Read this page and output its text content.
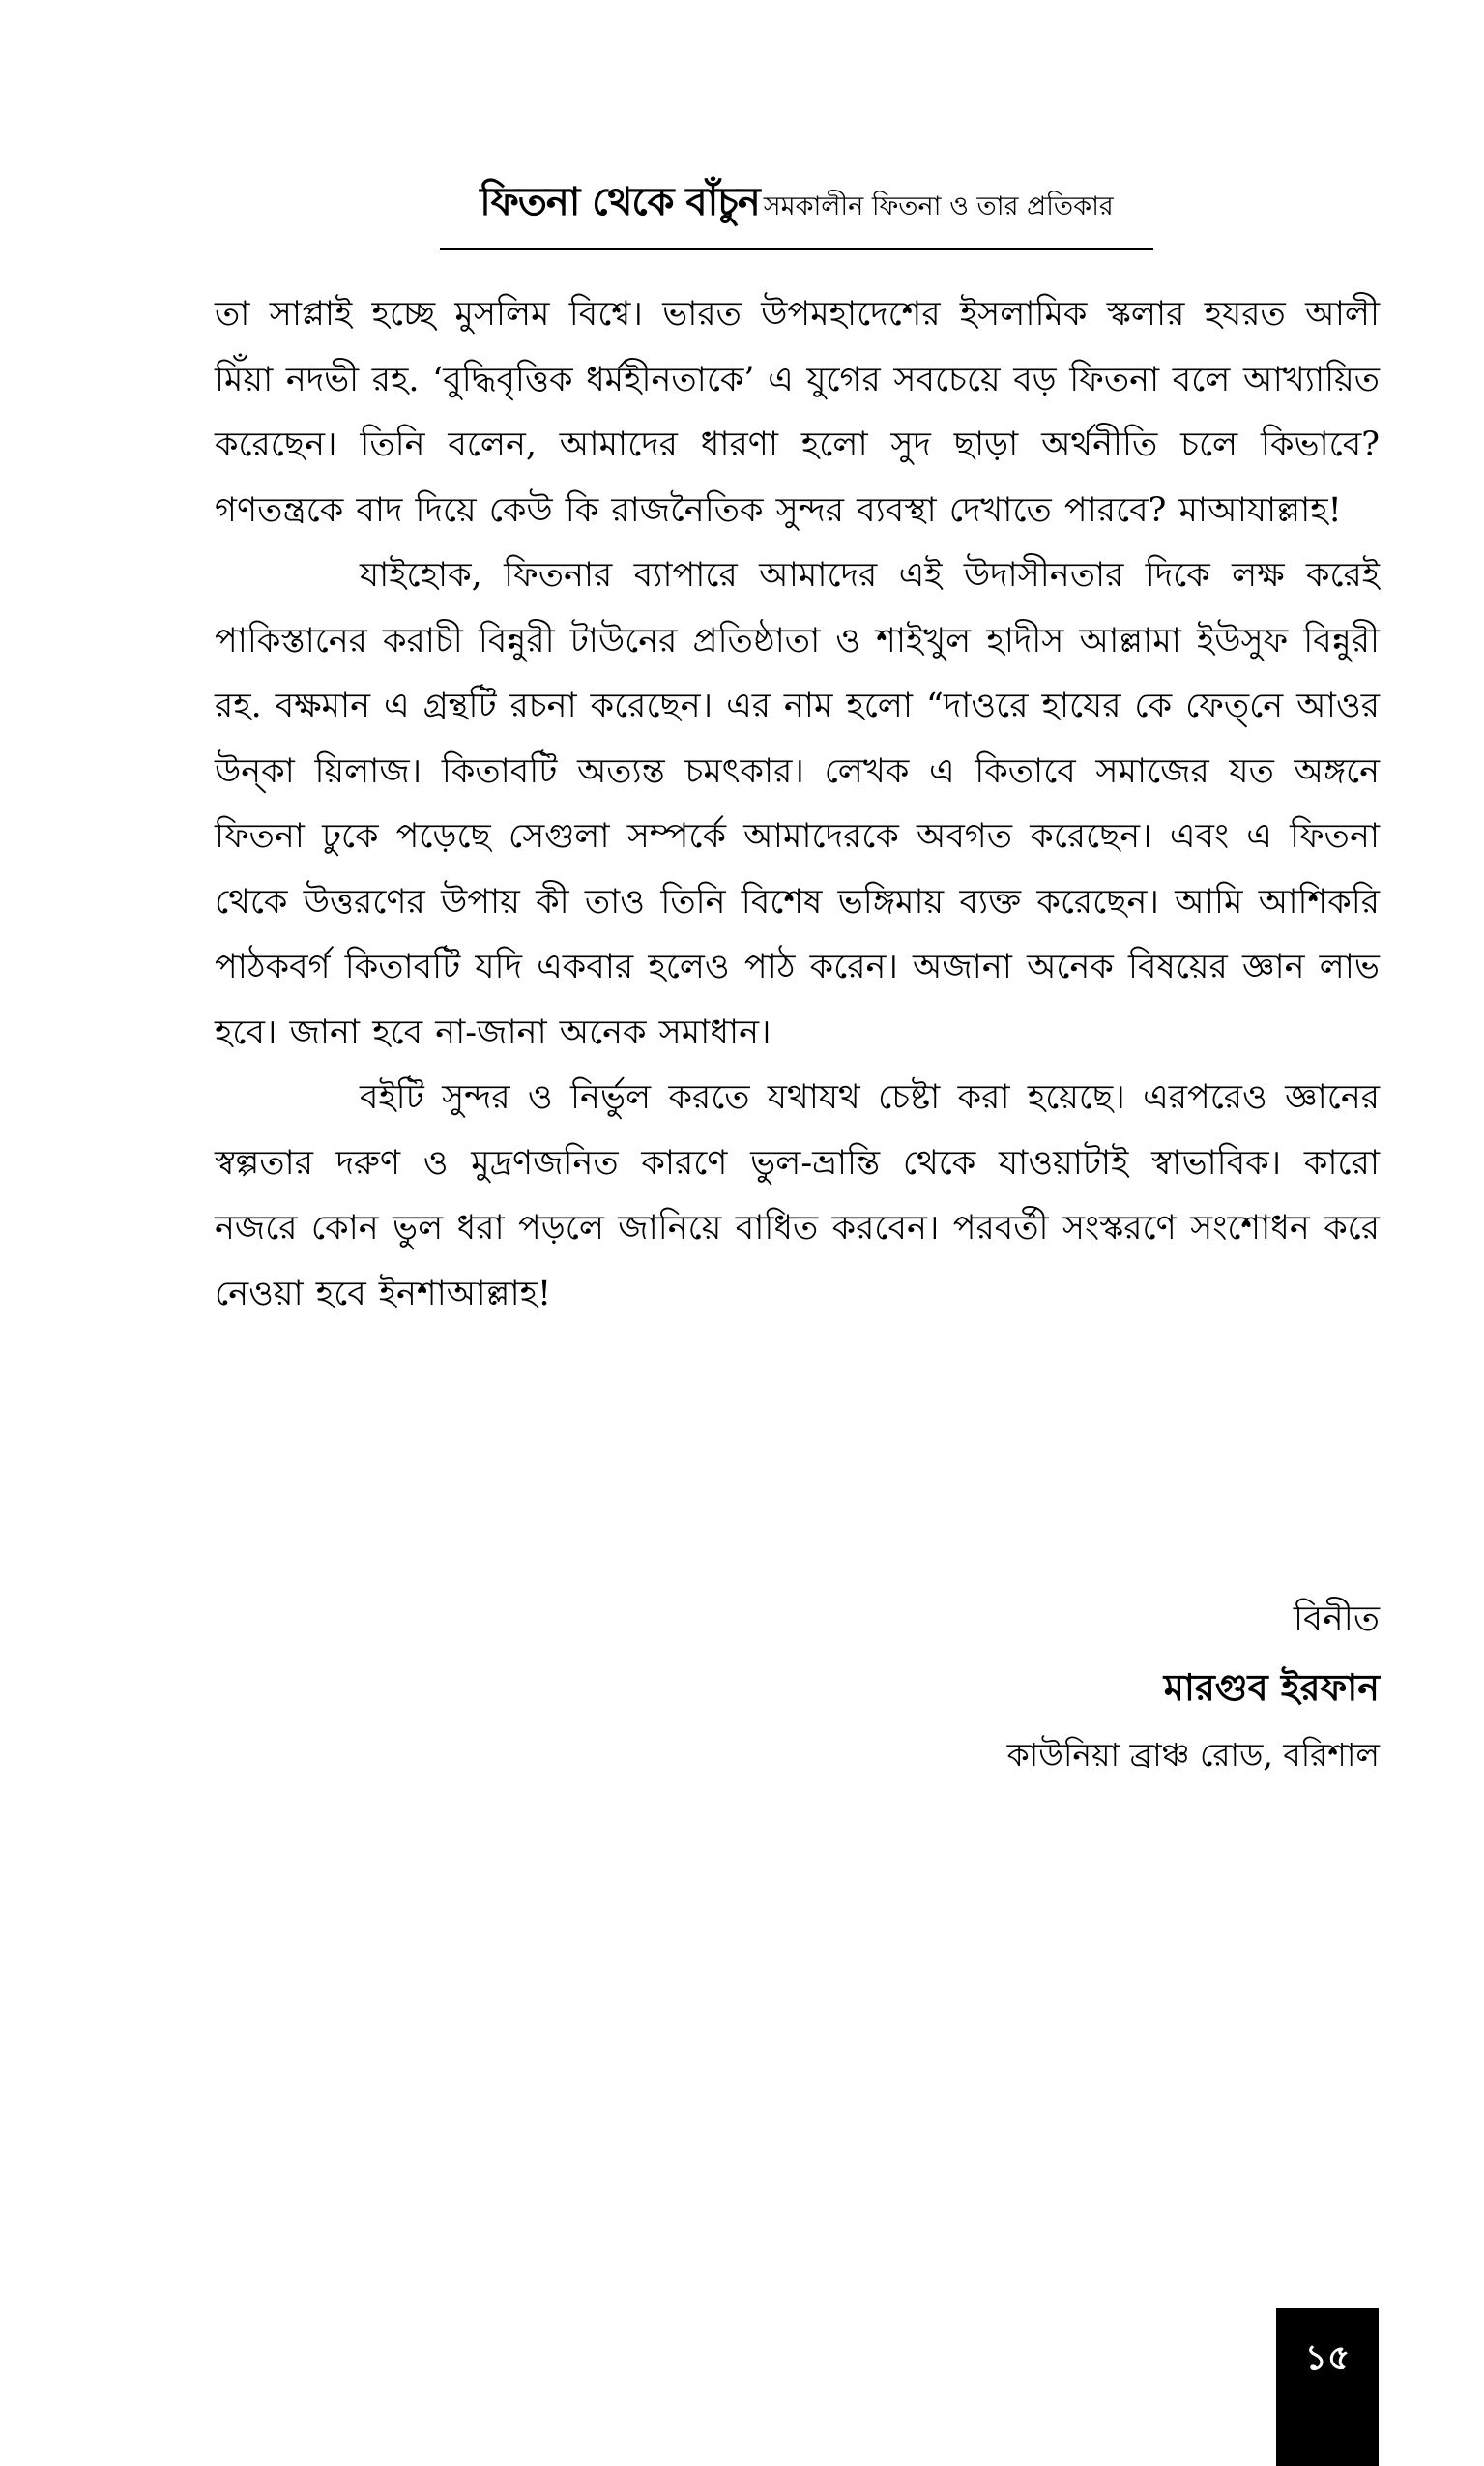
ফিতনা থেকে বাঁচুন সমকালীন ফিতনা ও তার প্রতিকার

তা সাপ্লাই হচ্ছে মুসলিম বিশ্বে। ভারত উপমহাদেশের ইসলামিক স্কলার হযরত আলী মিঁয়া নদভী রহ. ‘বুদ্ধিবৃত্তিক ধর্মহীনতাকে’ এ যুগের সবচেয়ে বড় ফিতনা বলে আখ্যায়িত করেছেন। তিনি বলেন, আমাদের ধারণা হলো সুদ ছাড়া অর্থনীতি চলে কিভাবে? গণতন্ত্রকে বাদ দিয়ে কেউ কি রাজনৈতিক সুন্দর ব্যবস্থা দেখাতে পারবে? মাআযাল্লাহ!

যাইহোক, ফিতনার ব্যাপারে আমাদের এই উদাসীনতার দিকে লক্ষ করেই পাকিস্তানের করাচী বিন্নুরী টাউনের প্রতিষ্ঠাতা ও শাইখুল হাদীস আল্লামা ইউসুফ বিন্নুরী রহ. বক্ষমান এ গ্রন্থটি রচনা করেছেন। এর নাম হলো “দাওরে হাযের কে ফেত্‌নে আওর উন্‌কা য়িলাজ। কিতাবটি অত্যন্ত চমৎকার। লেখক এ কিতাবে সমাজের যত অঙ্গনে ফিতনা ঢুকে পড়েছে সেগুলা সম্পর্কে আমাদেরকে অবগত করেছেন। এবং এ ফিতনা থেকে উত্তরণের উপায় কী তাও তিনি বিশেষ ভঙ্গিমায় ব্যক্ত করেছেন। আমি আশিকরি পাঠকবর্গ কিতাবটি যদি একবার হলেও পাঠ করেন। অজানা অনেক বিষয়ের জ্ঞান লাভ হবে। জানা হবে না-জানা অনেক সমাধান।

বইটি সুন্দর ও নির্ভুল করতে যথাযথ চেষ্টা করা হয়েছে। এরপরেও জ্ঞানের স্বল্পতার দরুণ ও মুদ্রণজনিত কারণে ভুল-ভ্রান্তি থেকে যাওয়াটাই স্বাভাবিক। কারো নজরে কোন ভুল ধরা পড়লে জানিয়ে বাধিত করবেন। পরবর্তী সংস্করণে সংশোধন করে নেওয়া হবে ইনশাআল্লাহ!

বিনীত
মারগুব ইরফান
কাউনিয়া ব্রাঞ্চ রোড, বরিশাল
১৫
